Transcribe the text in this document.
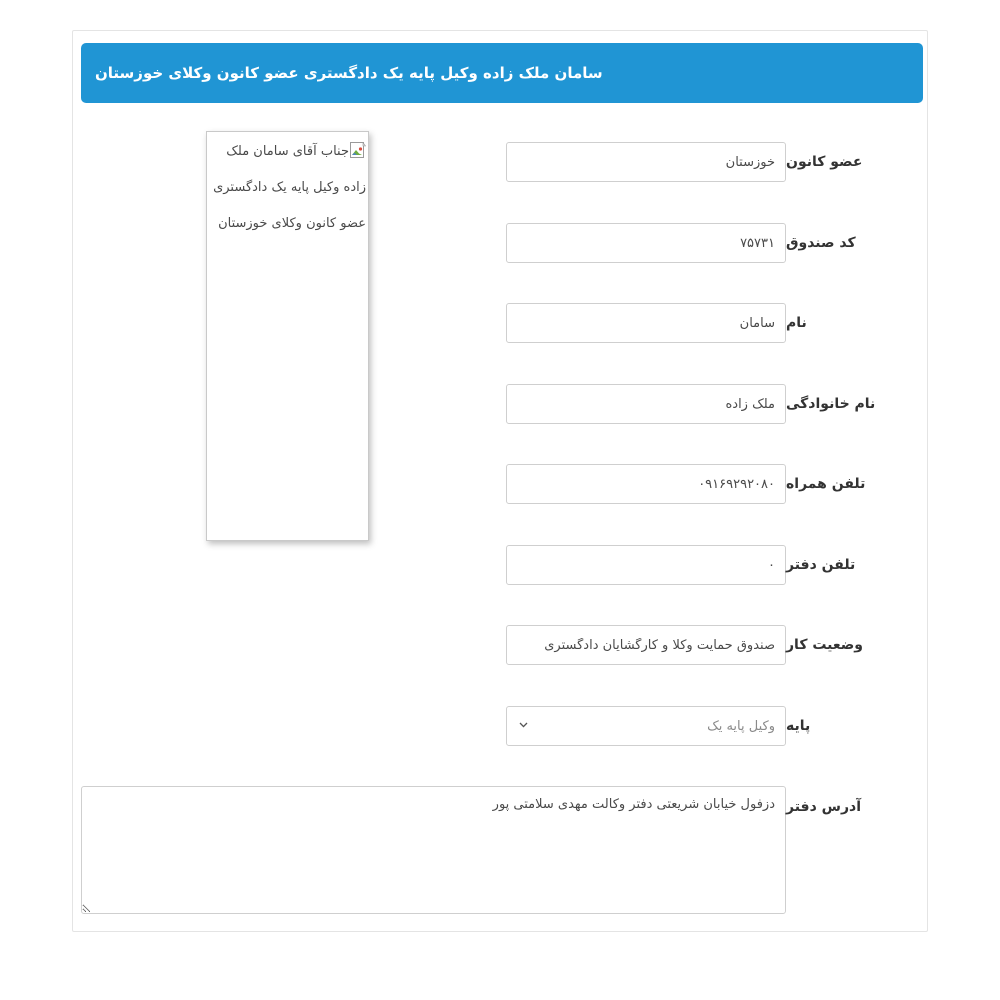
سامان ملک زاده وکیل پایه یک دادگستری عضو کانون وکلای خوزستان
جناب آقای سامان ملک زاده وکیل پایه یک دادگستری عضو کانون وکلای خوزستان
خوزستان
عضو کانون
۷۵۷۳۱
کد صندوق
سامان
نام
ملک زاده
نام خانوادگی
۰۹۱۶۹۲۹۲۰۸۰
تلفن همراه
۰
تلفن دفتر
صندوق حمایت وکلا و کارگشایان دادگستری
وضعیت کار
وکیل پایه یک
پایه
دزفول خیابان شریعتی دفتر وکالت مهدی سلامتی پور
آدرس دفتر
